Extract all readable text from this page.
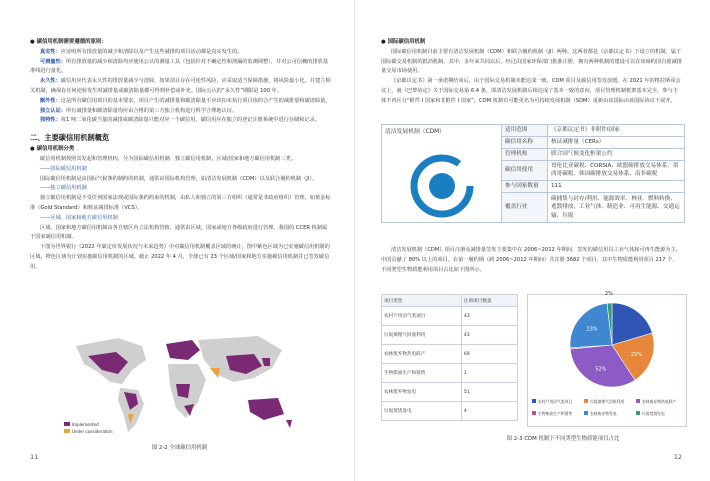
● 碳信用机制需要遵循的原则：
真实性：应证明所有排放量的减少和清除以及产生这些减排的项目活动都是真实发生的。
可测量性：所有排放量的减少和清除均应使用公认的测量工具（包括针对不确定性和泄漏的监测调整），并对公可信赖的排放基准线进行量化。
永久性：碳信用应代表永久性的排放量减少与清除，如果项目存在可逆性风险，应采取适当保障措施，将风险最小化，并建立相关机制，确保在任何逆转发生时减排量或碳清除量都可得到补偿或补充。国际公认的“永久性”期限是 100 年。
额外性：这是所有碳信用项目的基本要求。项目产生的减排量和碳清除量不应该扣未执行项目依的合产生的减排量和碳清除量。
独立认证：所有减排量和碳清除量均应由合格的第三方独立机构进行科学合理地认证。
独特性：每1 吨二氧化碳当量的减排或碳清除量只能对应一个碳信用。碳信用应在独立的登记注册系统中进行存储和记录。
二、主要碳信用机制概览
● 碳信用机制分类
碳信用机制按照其发起和管理机构，分为国际碳信用机制、独立碳信用机制、区域/国家和地方碳信用机制三类。
——国际碳信用机制
国际碳信用机制是由国际气候条约制约的机制，通常由国际机构管理，如清洁发展机制（CDM）以及联合履约机制（JI）。
——独立碳信用机制
独立碳信用机制是不受任何国家法规或国际条约约束的机制，由私人和独立的第三方组织（通常是非政府组织）管理，如黄金标准（Gold Standard）和核证减排标准（VCS）。
——区域、国家和地方碳信用机制
区域、国家和地方碳信用机制由各自辖区内立法机构管辖，通常由区域、国家或地方各级政府进行管理。我国的 CCER 机制属于国家碳信用机制。
下图为世界银行《2022 年碳定价发展状况与未来趋势》中对碳信用机制覆盖区域的统计，图中紫色区域为已实施碳信用机制的区域，橙色区域为计划实施碳信用机制的区域。截止 2022 年 4 月，全球已有 23 个区域/国家和地方实施碳信用机制并已签发碳信用。
Implemented
Under consideration
图 2-2 全球碳信用机制
11
● 国际碳信用机制
国际碳信用机制目前主要有清洁发展机制（CDM）和联合履约机制（JI）两种。这两者都是《京都议定书》下设立的机制，属于国际碳交易机制的抵消机制。其中，多年来共同以后，经过由国家环保部门批准注册，拥有两种机制的建设可以在该缔约国自愿减排量交易市场使用。
《京都议定书》第一承诺期结束后，由于国际交易机制未能达成一致，CDM 项目及碳信用签发放缓。在 2021 年的格拉斯哥会议上，就《巴黎协定》关于国际交易第 6.4 条，即清洁发展机制后续达成了基本一致的意向，项目管理机制框架基本完全，参与主体不再区分“附件 I 国家和非附件 I 国家”，CDM 机制有可能更名为可持续发展机制（SDM）重新由该国际由该国际协议下展开。
清洁发展机制（CDM）	适用范围	《京都议定书》非附件I国家
	碳信用名称	核证减排量（CERs）
	管理机构	联合国气候变化框架公约
	碳信用使用	哥伦比亚碳税、CORSIA、欧盟碳排放交易体系、墨西哥碳税、韩国碳排放交易体系、南非碳税
	参与国家数量	111
	覆盖行业	碳捕集与封存/利用、能源效率、林业、燃料转换、逃散排放、工业气体、制造业、可再生能源、交通运输、垃圾
清洁发展机制（CDM）项目注册及减排量签发主要集中在 2006~2012 年期间，签发的碳信用以工业气体和可再生能源为主，中国贡献了 80% 以上的项目。在第一履约期（跨 2006~2012 年期间）共注册 3682 个项目，其中生物质能利用项目 217 个，不同类型生物质能利用项目占比如下图所示。
项目类型	注册项目数量
农村户用沼气类项目	43
垃圾填埋气回收利用	43
农林废弃物热电联产	69
生物柴油生产和销售	1
农林废弃物发电	51
垃圾焚烧发电	4
25%
52%
23%
2%
农村户用沼气类项目	垃圾填埋气回收利用	农林废弃物热电联产
生物柴油生产和销售	农林废弃物发电	垃圾焚烧发电
图 2-3 CDM 机制下不同类型生物质能项目占比
12
